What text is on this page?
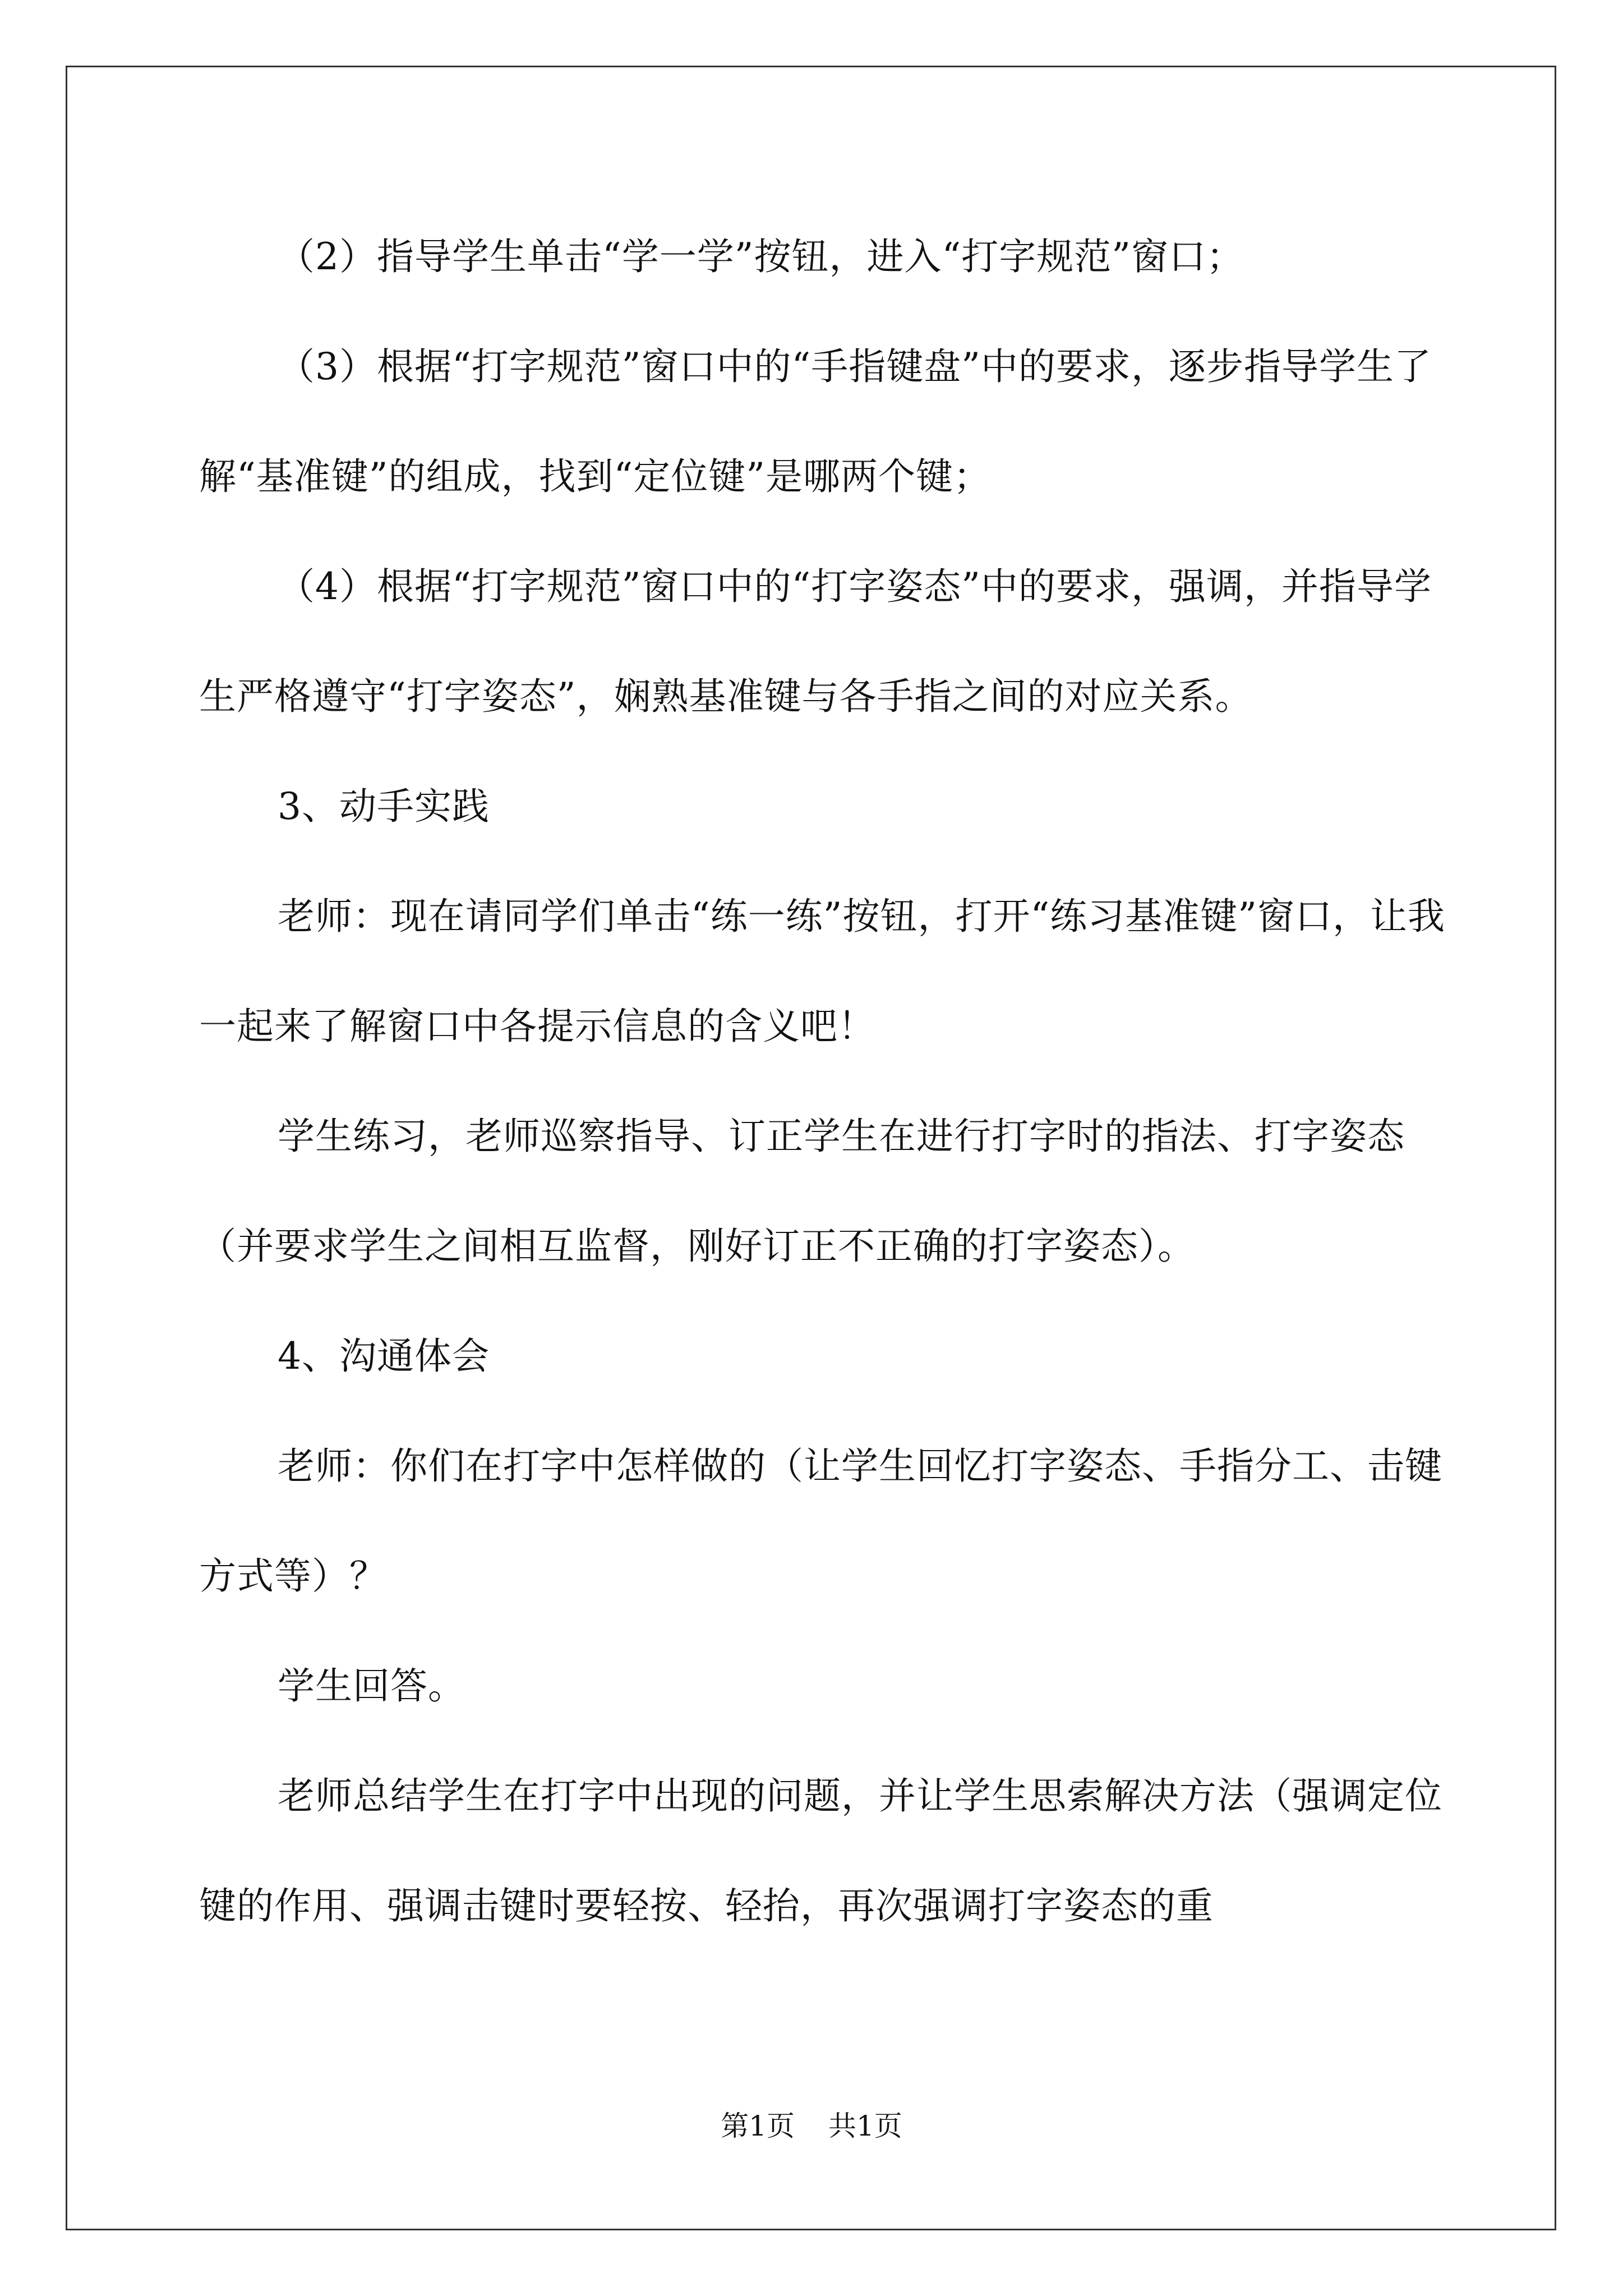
（2）指导学生单击“学一学”按钮，进入“打字规范”窗口；

（3）根据“打字规范”窗口中的“手指键盘”中的要求，逐步指导学生了解“基准键”的组成，找到“定位键”是哪两个键；

（4）根据“打字规范”窗口中的“打字姿态”中的要求，强调，并指导学生严格遵守“打字姿态”，娴熟基准键与各手指之间的对应关系。

3、动手实践

老师：现在请同学们单击“练一练”按钮，打开“练习基准键”窗口，让我一起来了解窗口中各提示信息的含义吧！

学生练习，老师巡察指导、订正学生在进行打字时的指法、打字姿态（并要求学生之间相互监督，刚好订正不正确的打字姿态）。

4、沟通体会

老师：你们在打字中怎样做的（让学生回忆打字姿态、手指分工、击键方式等）？

学生回答。

老师总结学生在打字中出现的问题，并让学生思索解决方法（强调定位键的作用、强调击键时要轻按、轻抬，再次强调打字姿态的重

第1页 共1页
